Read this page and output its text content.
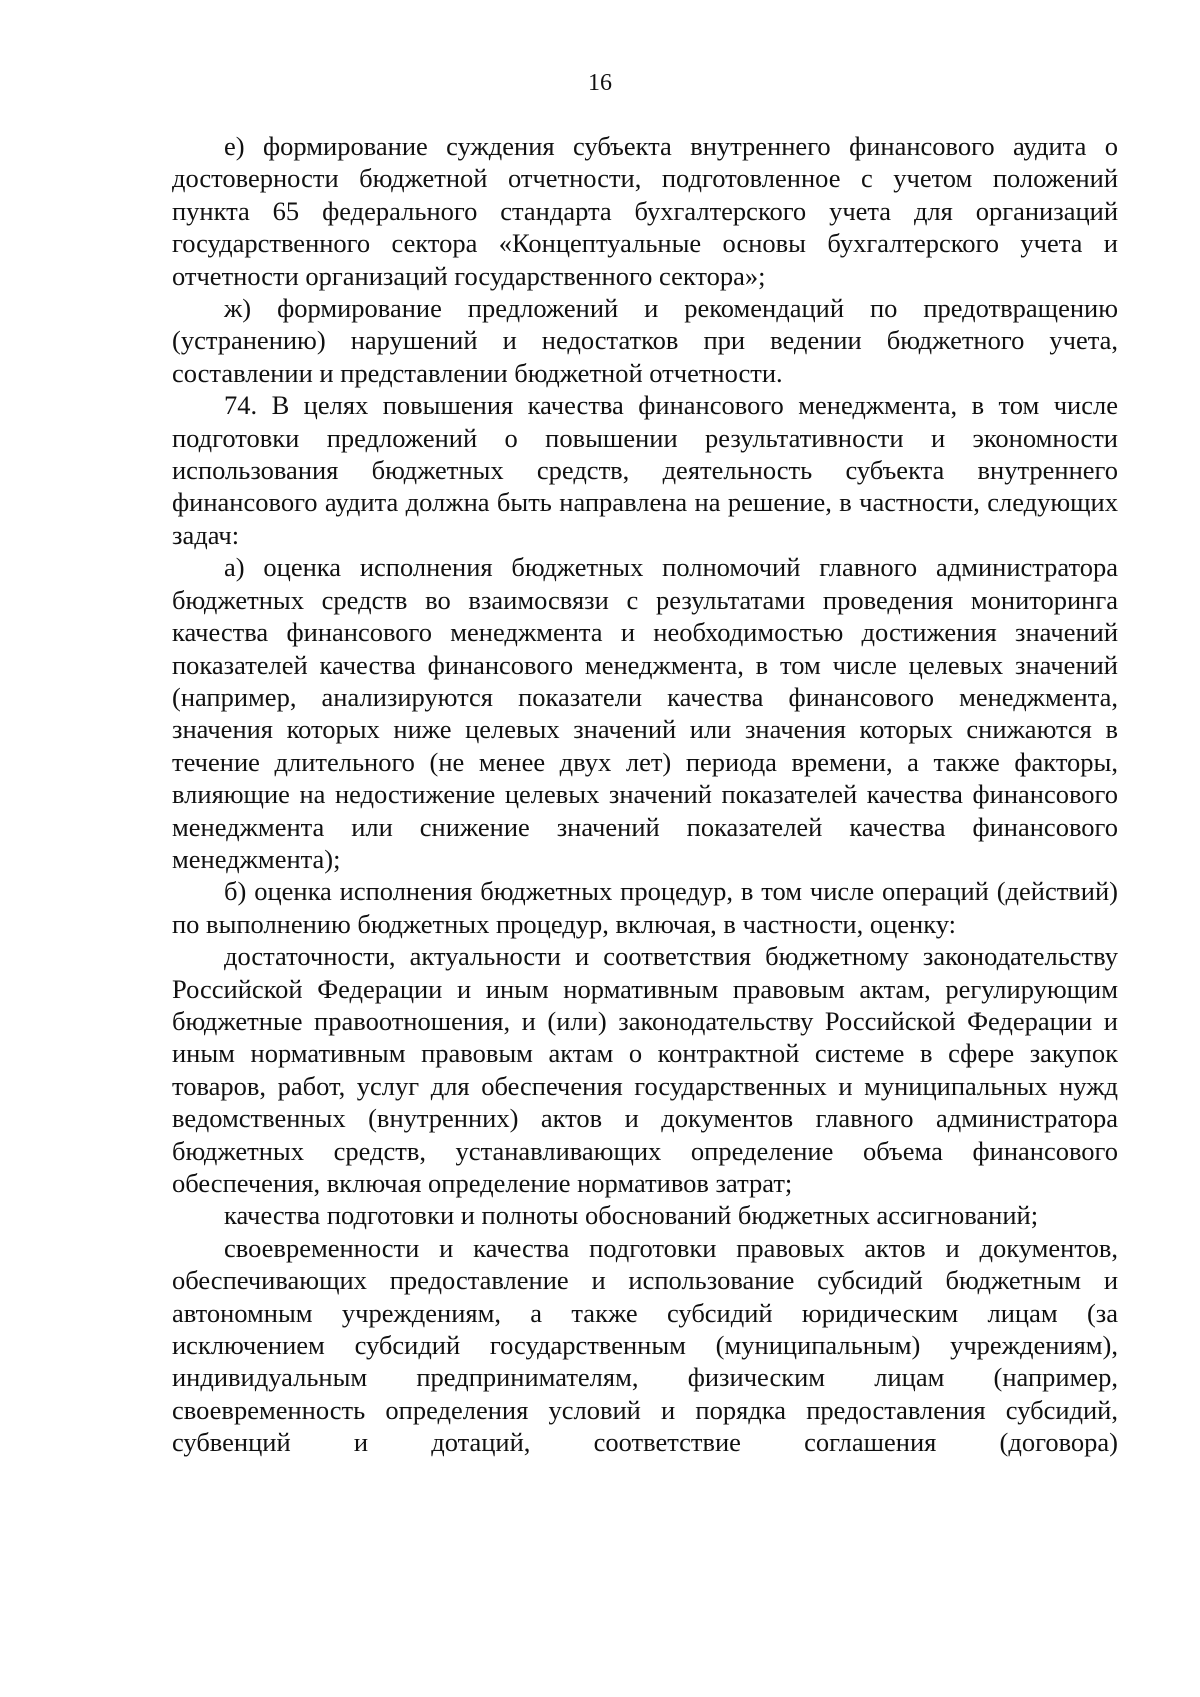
16

е) формирование суждения субъекта внутреннего финансового аудита о достоверности бюджетной отчетности, подготовленное с учетом положений пункта 65 федерального стандарта бухгалтерского учета для организаций государственного сектора «Концептуальные основы бухгалтерского учета и отчетности организаций государственного сектора»;

ж) формирование предложений и рекомендаций по предотвращению (устранению) нарушений и недостатков при ведении бюджетного учета, составлении и представлении бюджетной отчетности.

74. В целях повышения качества финансового менеджмента, в том числе подготовки предложений о повышении результативности и экономности использования бюджетных средств, деятельность субъекта внутреннего финансового аудита должна быть направлена на решение, в частности, следующих задач:

а) оценка исполнения бюджетных полномочий главного администратора бюджетных средств во взаимосвязи с результатами проведения мониторинга качества финансового менеджмента и необходимостью достижения значений показателей качества финансового менеджмента, в том числе целевых значений (например, анализируются показатели качества финансового менеджмента, значения которых ниже целевых значений или значения которых снижаются в течение длительного (не менее двух лет) периода времени, а также факторы, влияющие на недостижение целевых значений показателей качества финансового менеджмента или снижение значений показателей качества финансового менеджмента);

б) оценка исполнения бюджетных процедур, в том числе операций (действий) по выполнению бюджетных процедур, включая, в частности, оценку:

достаточности, актуальности и соответствия бюджетному законодательству Российской Федерации и иным нормативным правовым актам, регулирующим бюджетные правоотношения, и (или) законодательству Российской Федерации и иным нормативным правовым актам о контрактной системе в сфере закупок товаров, работ, услуг для обеспечения государственных и муниципальных нужд ведомственных (внутренних) актов и документов главного администратора бюджетных средств, устанавливающих определение объема финансового обеспечения, включая определение нормативов затрат;

качества подготовки и полноты обоснований бюджетных ассигнований;

своевременности и качества подготовки правовых актов и документов, обеспечивающих предоставление и использование субсидий бюджетным и автономным учреждениям, а также субсидий юридическим лицам (за исключением субсидий государственным (муниципальным) учреждениям), индивидуальным предпринимателям, физическим лицам (например, своевременность определения условий и порядка предоставления субсидий, субвенций и дотаций, соответствие соглашения (договора)
